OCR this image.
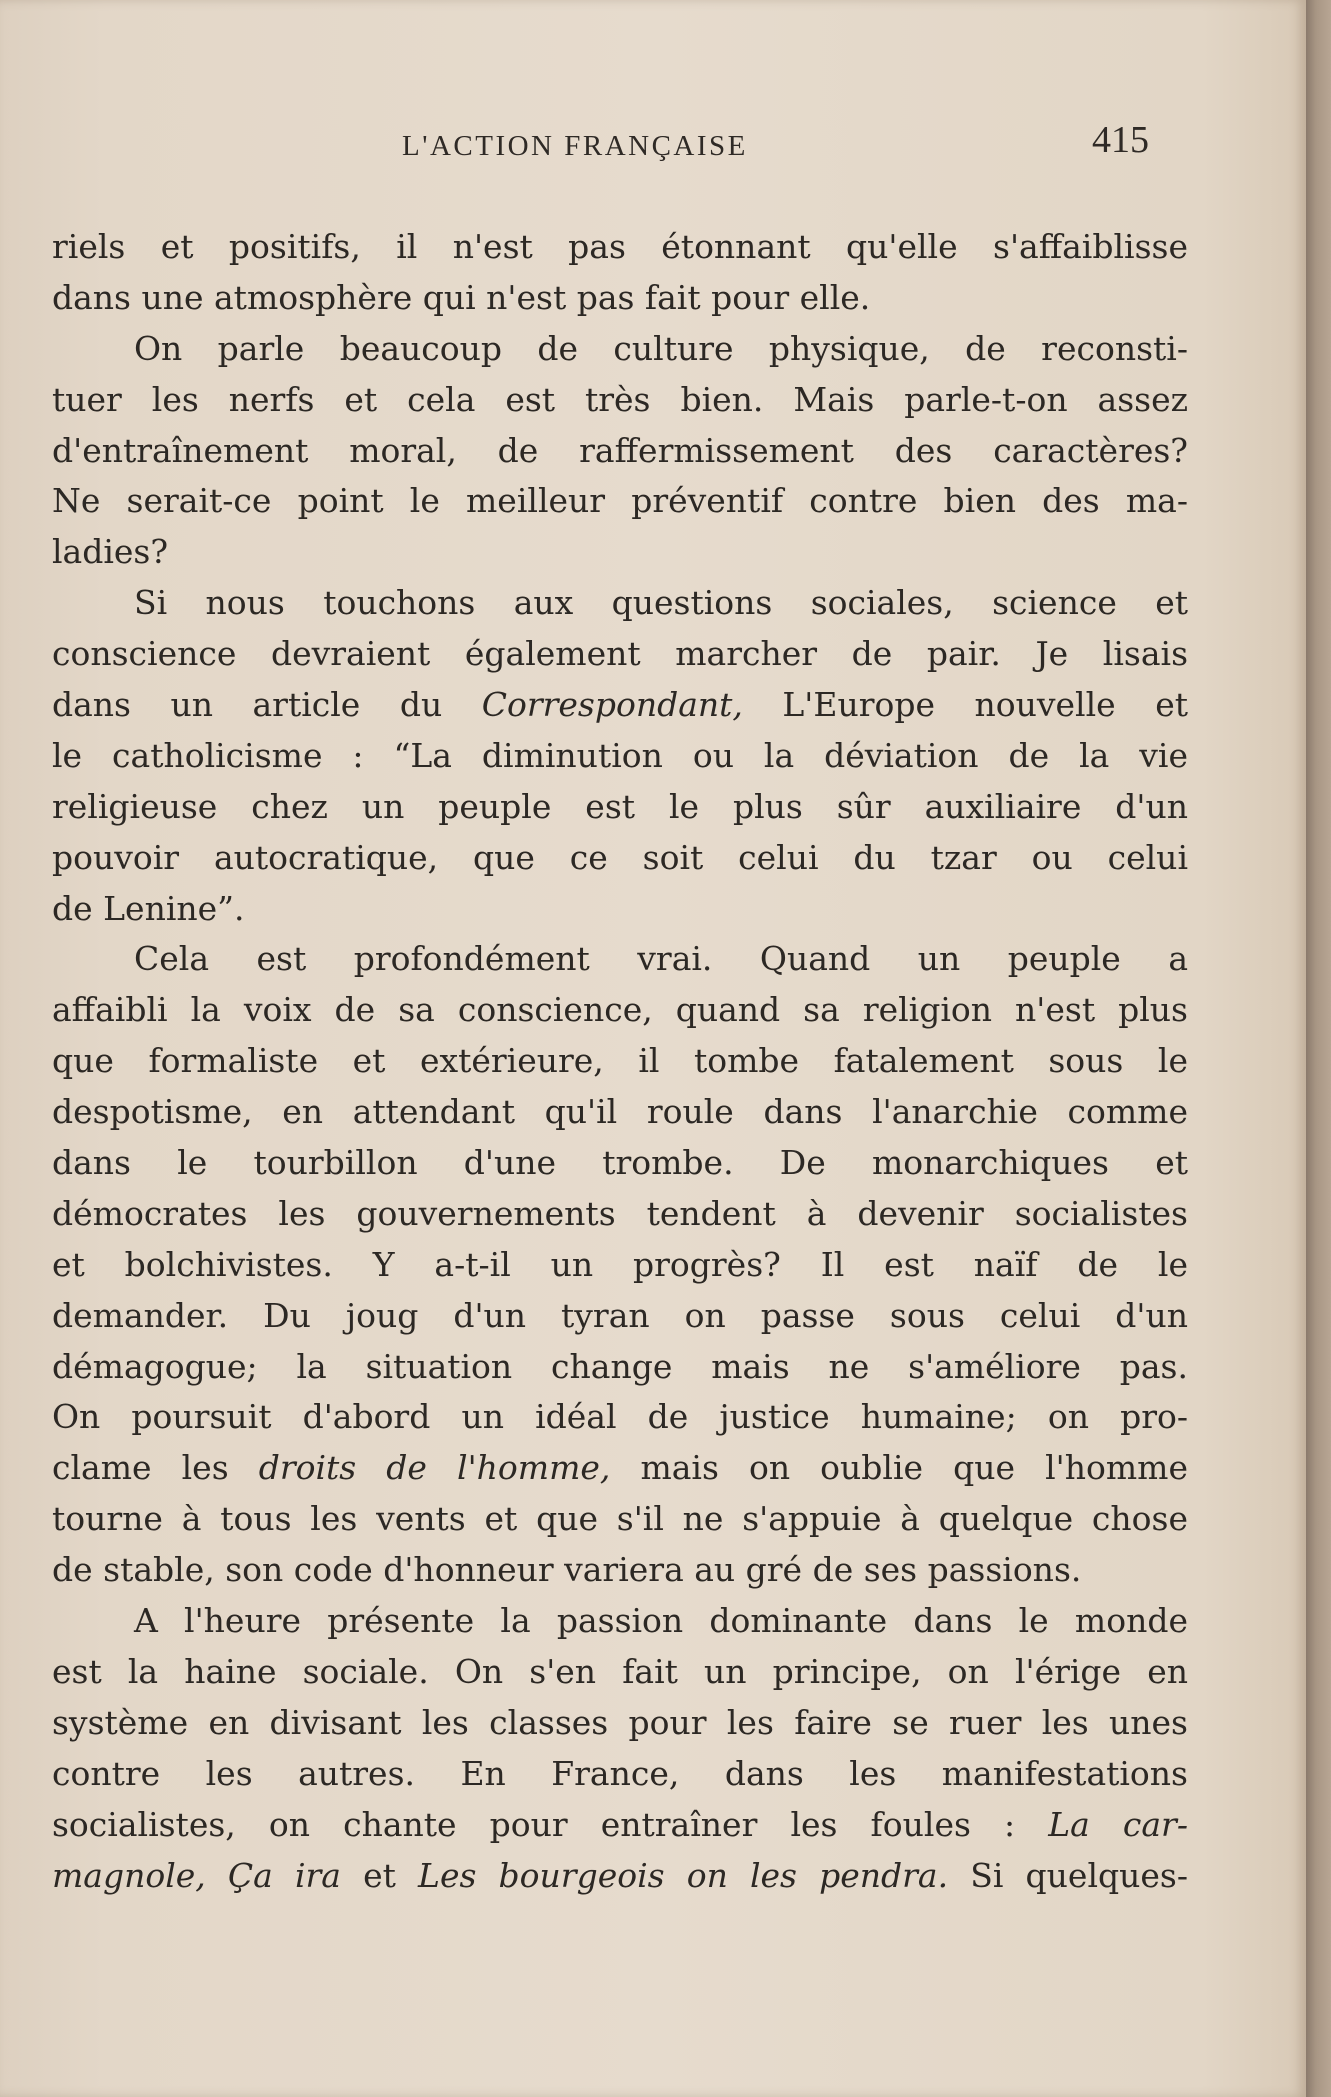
L'ACTION FRANÇAISE	415
riels et positifs, il n'est pas étonnant qu'elle s'affaiblisse
dans une atmosphère qui n'est pas fait pour elle.
On parle beaucoup de culture physique, de reconsti-
tuer les nerfs et cela est très bien. Mais parle-t-on assez
d'entraînement moral, de raffermissement des caractères?
Ne serait-ce point le meilleur préventif contre bien des ma-
ladies?
Si nous touchons aux questions sociales, science et
conscience devraient également marcher de pair. Je lisais
dans un article du Correspondant, L'Europe nouvelle et
le catholicisme : “La diminution ou la déviation de la vie
religieuse chez un peuple est le plus sûr auxiliaire d'un
pouvoir autocratique, que ce soit celui du tzar ou celui
de Lenine”.
Cela est profondément vrai. Quand un peuple a
affaibli la voix de sa conscience, quand sa religion n'est plus
que formaliste et extérieure, il tombe fatalement sous le
despotisme, en attendant qu'il roule dans l'anarchie comme
dans le tourbillon d'une trombe. De monarchiques et
démocrates les gouvernements tendent à devenir socialistes
et bolchivistes. Y a-t-il un progrès? Il est naïf de le
demander. Du joug d'un tyran on passe sous celui d'un
démagogue; la situation change mais ne s'améliore pas.
On poursuit d'abord un idéal de justice humaine; on pro-
clame les droits de l'homme, mais on oublie que l'homme
tourne à tous les vents et que s'il ne s'appuie à quelque chose
de stable, son code d'honneur variera au gré de ses passions.
A l'heure présente la passion dominante dans le monde
est la haine sociale. On s'en fait un principe, on l'érige en
système en divisant les classes pour les faire se ruer les unes
contre les autres. En France, dans les manifestations
socialistes, on chante pour entraîner les foules : La car-
magnole, Ça ira et Les bourgeois on les pendra. Si quelques-
